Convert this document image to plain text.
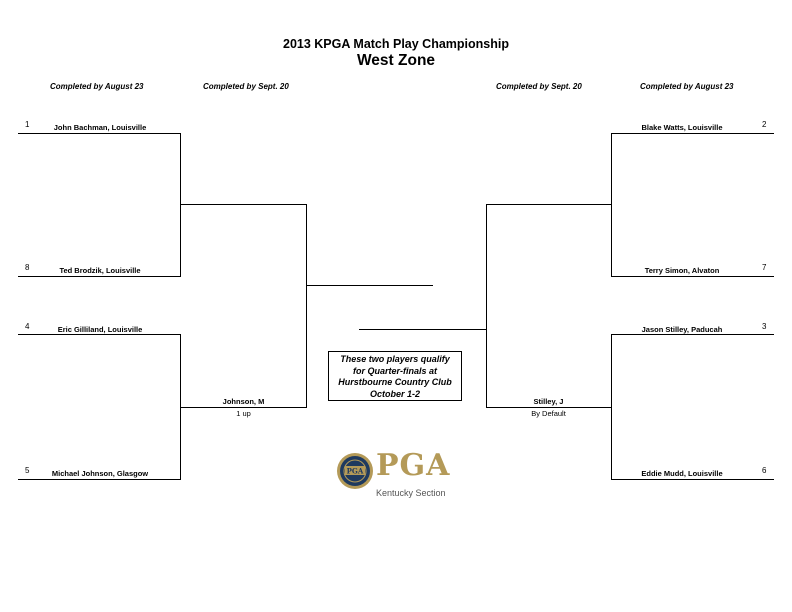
2013 KPGA Match Play Championship
West Zone
Completed by August 23	Completed by Sept. 20	Completed by Sept. 20	Completed by August 23
1	John Bachman, Louisville
8	Ted Brodzik, Louisville
4	Eric Gilliland, Louisville
5	Michael Johnson, Glasgow
2
Blake Watts, Louisville
7
Terry Simon, Alvaton
3
Jason Stilley, Paducah
6
Eddie Mudd, Louisville
Johnson, M
1 up
Stilley, J
By Default
These two players qualify
for Quarter-finals at
Hurstbourne Country Club
October 1-2
PGA PGA
Kentucky Section
